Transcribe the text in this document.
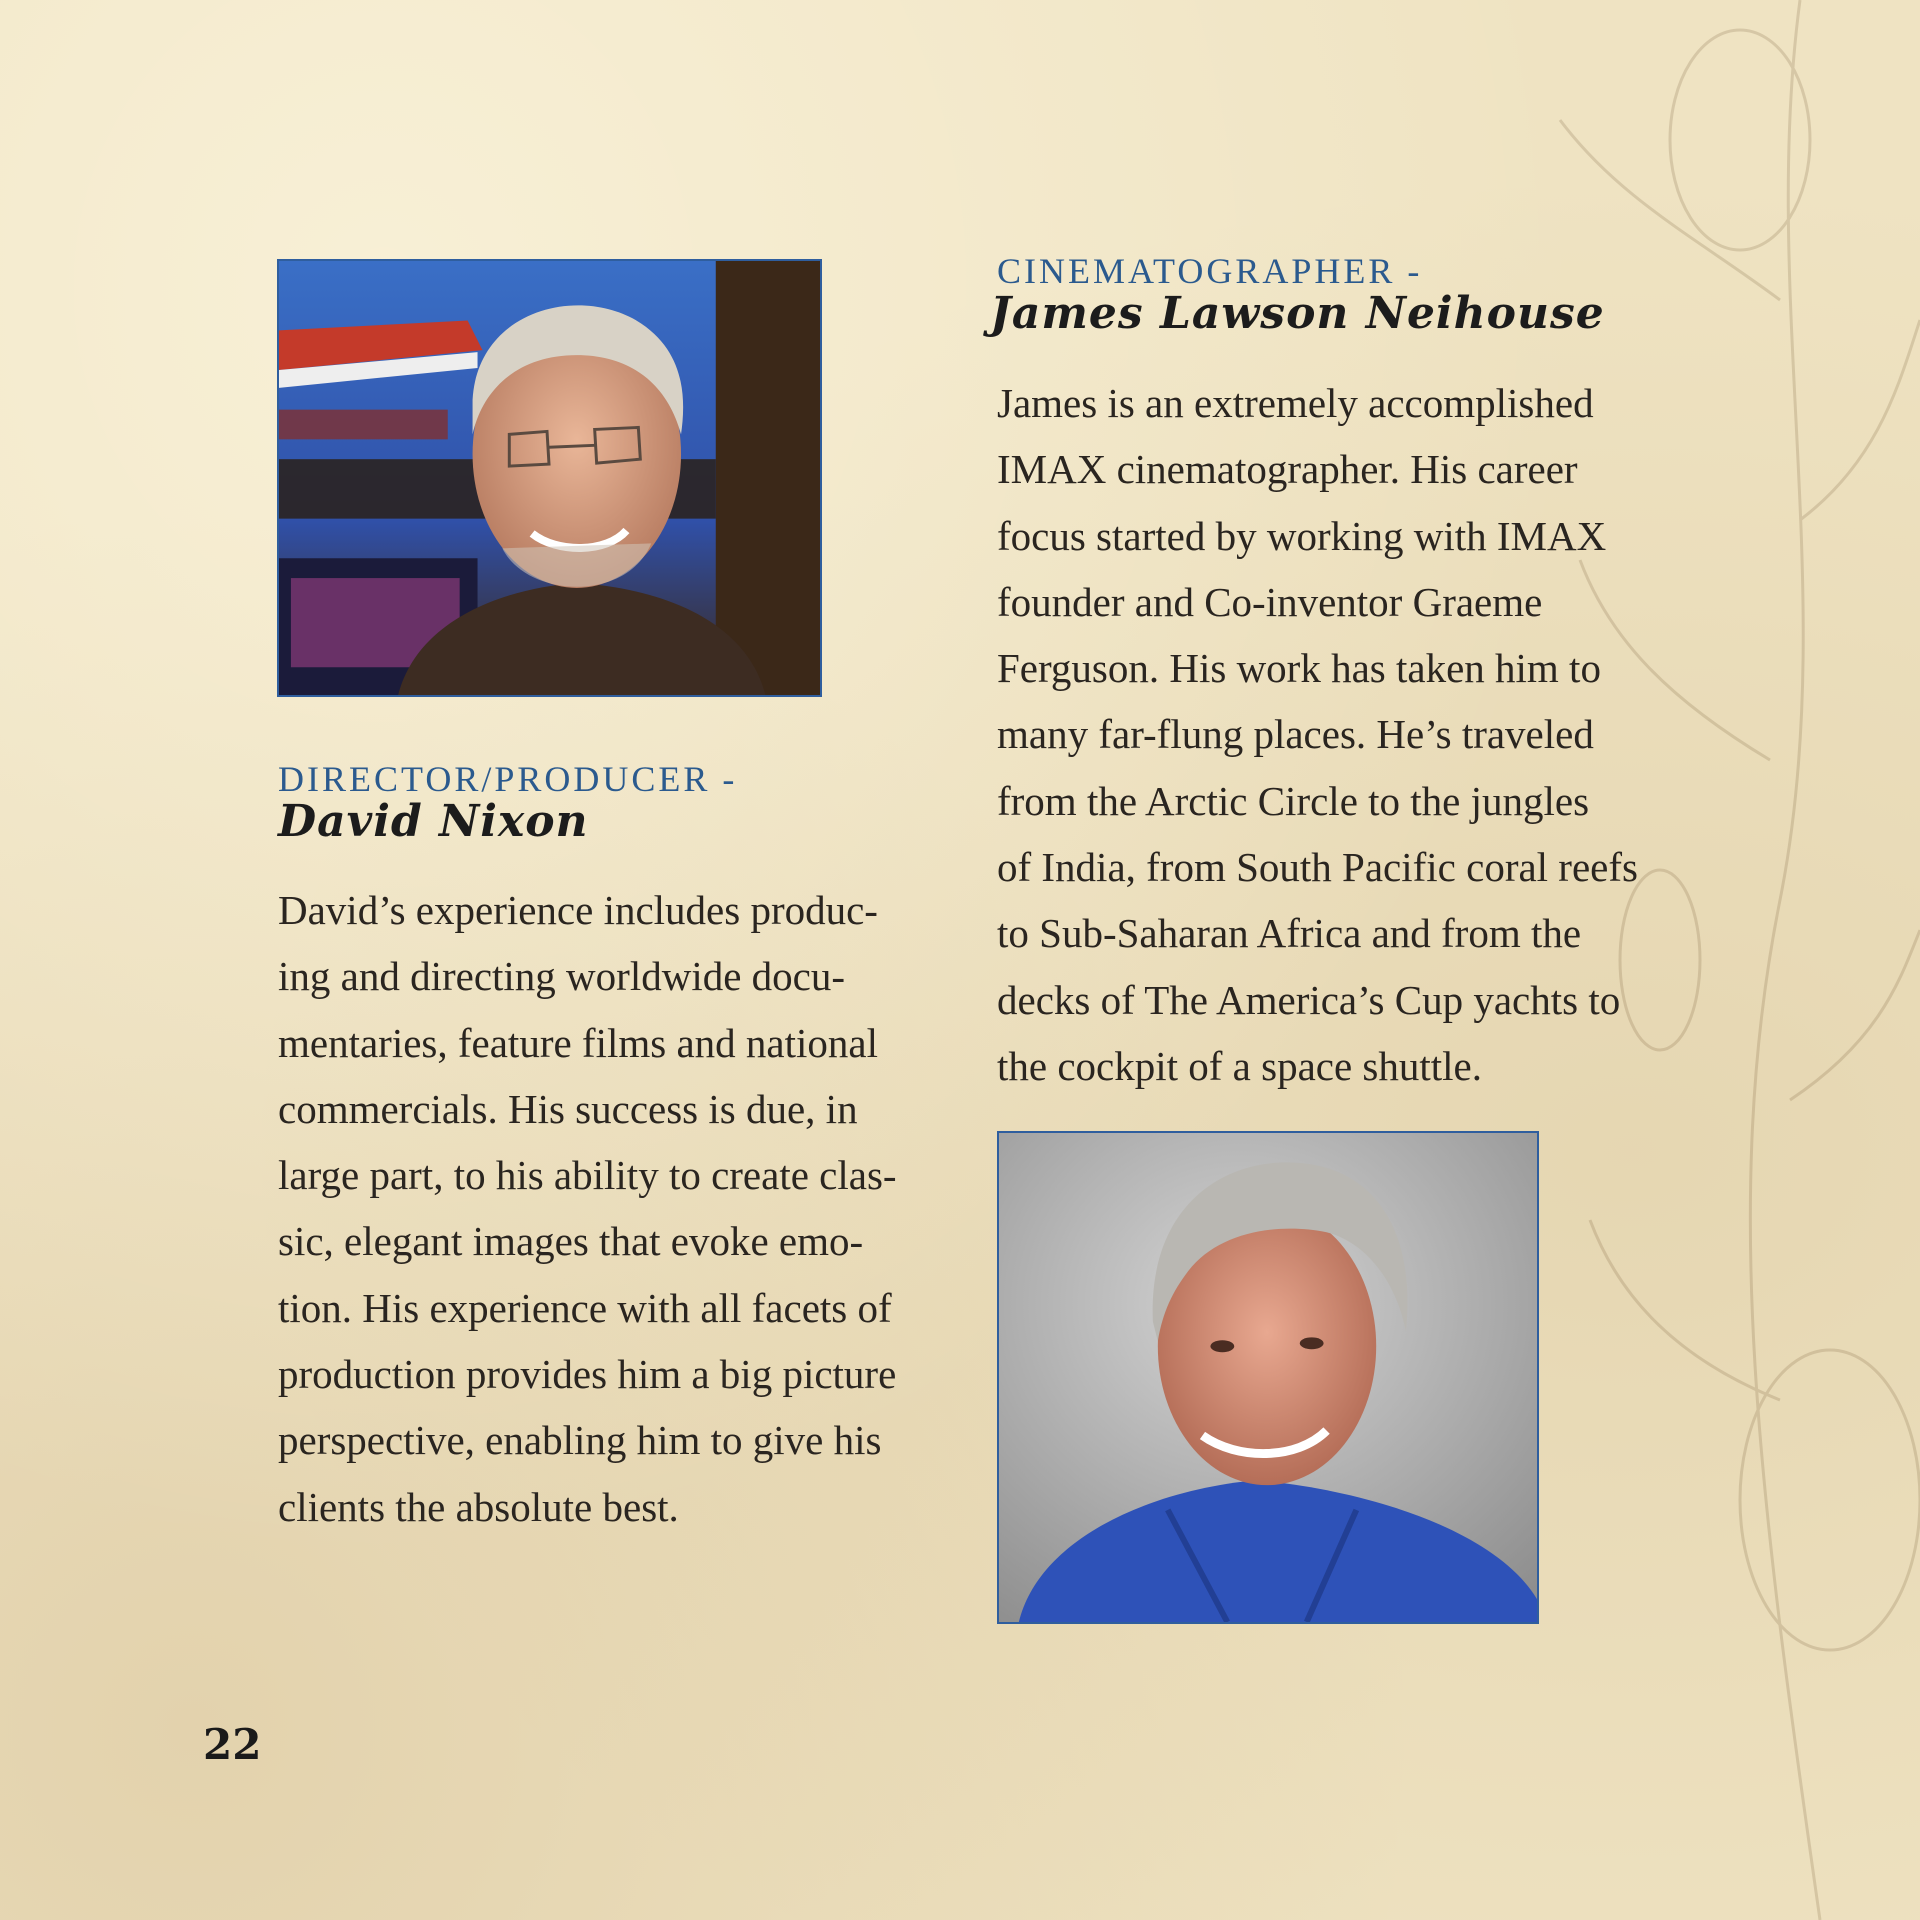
DIRECTOR/PRODUCER -
David Nixon

David’s experience includes produc-
ing and directing worldwide docu-
mentaries, feature films and national
commercials. His success is due, in
large part, to his ability to create clas-
sic, elegant images that evoke emo-
tion. His experience with all facets of
production provides him a big picture
perspective, enabling him to give his
clients the absolute best.

CINEMATOGRAPHER -
James Lawson Neihouse

James is an extremely accomplished
IMAX cinematographer. His career
focus started by working with IMAX
founder and Co-inventor Graeme
Ferguson. His work has taken him to
many far-flung places. He’s traveled
from the Arctic Circle to the jungles
of India, from South Pacific coral reefs
to Sub-Saharan Africa and from the
decks of The America’s Cup yachts to
the cockpit of a space shuttle.

22
